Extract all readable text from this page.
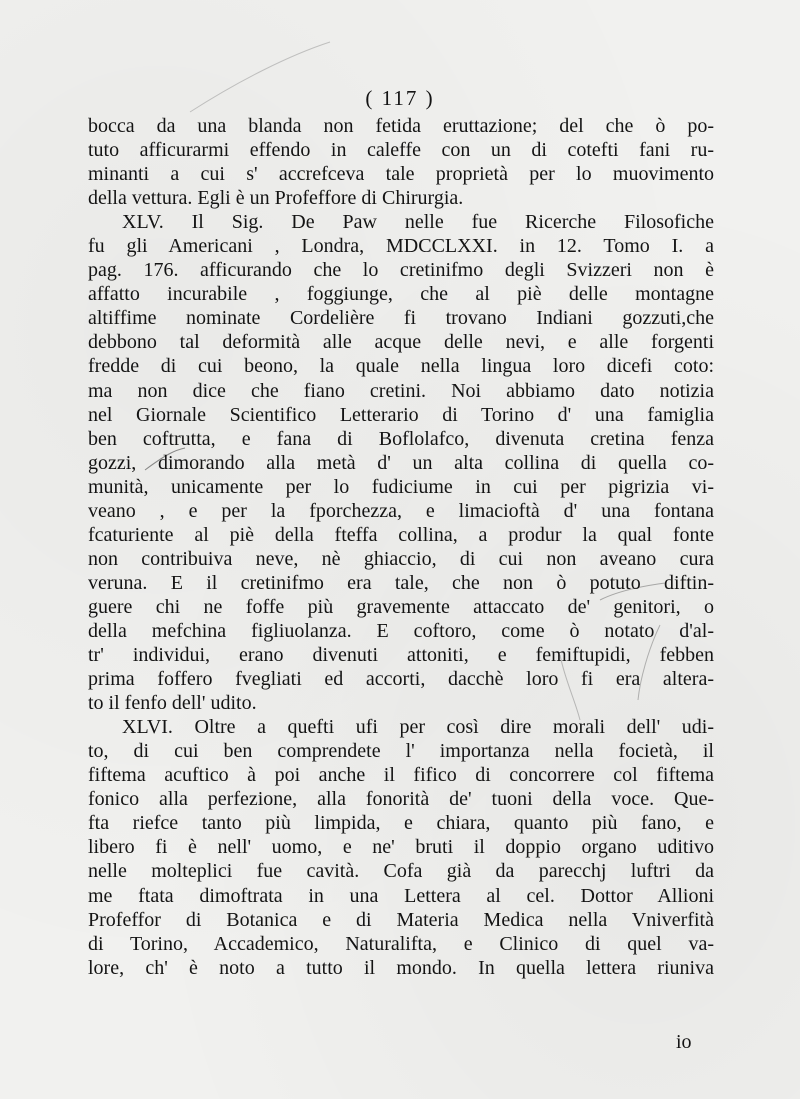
( 117 )
bocca da una blanda non fetida eruttazione; del che ò po-
tuto afficurarmi effendo in caleffe con un di cotefti fani ru-
minanti a cui s' accrefceva tale proprietà per lo muovimento
della vettura. Egli è un Profeffore di Chirurgia.
XLV. Il Sig. De Paw nelle fue Ricerche Filosofiche
fu gli Americani , Londra, MDCCLXXI. in 12. Tomo I. a
pag. 176. afficurando che lo cretinifmo degli Svizzeri non è
affatto incurabile , foggiunge, che al piè delle montagne
altiffime nominate Cordelière fi trovano Indiani gozzuti,che
debbono tal deformità alle acque delle nevi, e alle forgenti
fredde di cui beono, la quale nella lingua loro dicefi coto:
ma non dice che fiano cretini. Noi abbiamo dato notizia
nel Giornale Scientifico Letterario di Torino d' una famiglia
ben coftrutta, e fana di Boflolafco, divenuta cretina fenza
gozzi, dimorando alla metà d' un alta collina di quella co-
munità, unicamente per lo fudiciume in cui per pigrizia vi-
veano , e per la fporchezza, e limacioftà d' una fontana
fcaturiente al piè della fteffa collina, a produr la qual fonte
non contribuiva neve, nè ghiaccio, di cui non aveano cura
veruna. E il cretinifmo era tale, che non ò potuto diftin-
guere chi ne foffe più gravemente attaccato de' genitori, o
della mefchina figliuolanza. E coftoro, come ò notato d'al-
tr' individui, erano divenuti attoniti, e femiftupidi, febben
prima foffero fvegliati ed accorti, dacchè loro fi era altera-
to il fenfo dell' udito.
XLVI. Oltre a quefti ufi per così dire morali dell' udi-
to, di cui ben comprendete l' importanza nella focietà, il
fiftema acuftico à poi anche il fifico di concorrere col fiftema
fonico alla perfezione, alla fonorità de' tuoni della voce. Que-
fta riefce tanto più limpida, e chiara, quanto più fano, e
libero fi è nell' uomo, e ne' bruti il doppio organo uditivo
nelle molteplici fue cavità. Cofa già da parecchj luftri da
me ftata dimoftrata in una Lettera al cel. Dottor Allioni
Profeffor di Botanica e di Materia Medica nella Vniverfità
di Torino, Accademico, Naturalifta, e Clinico di quel va-
lore, ch' è noto a tutto il mondo. In quella lettera riuniva
io
